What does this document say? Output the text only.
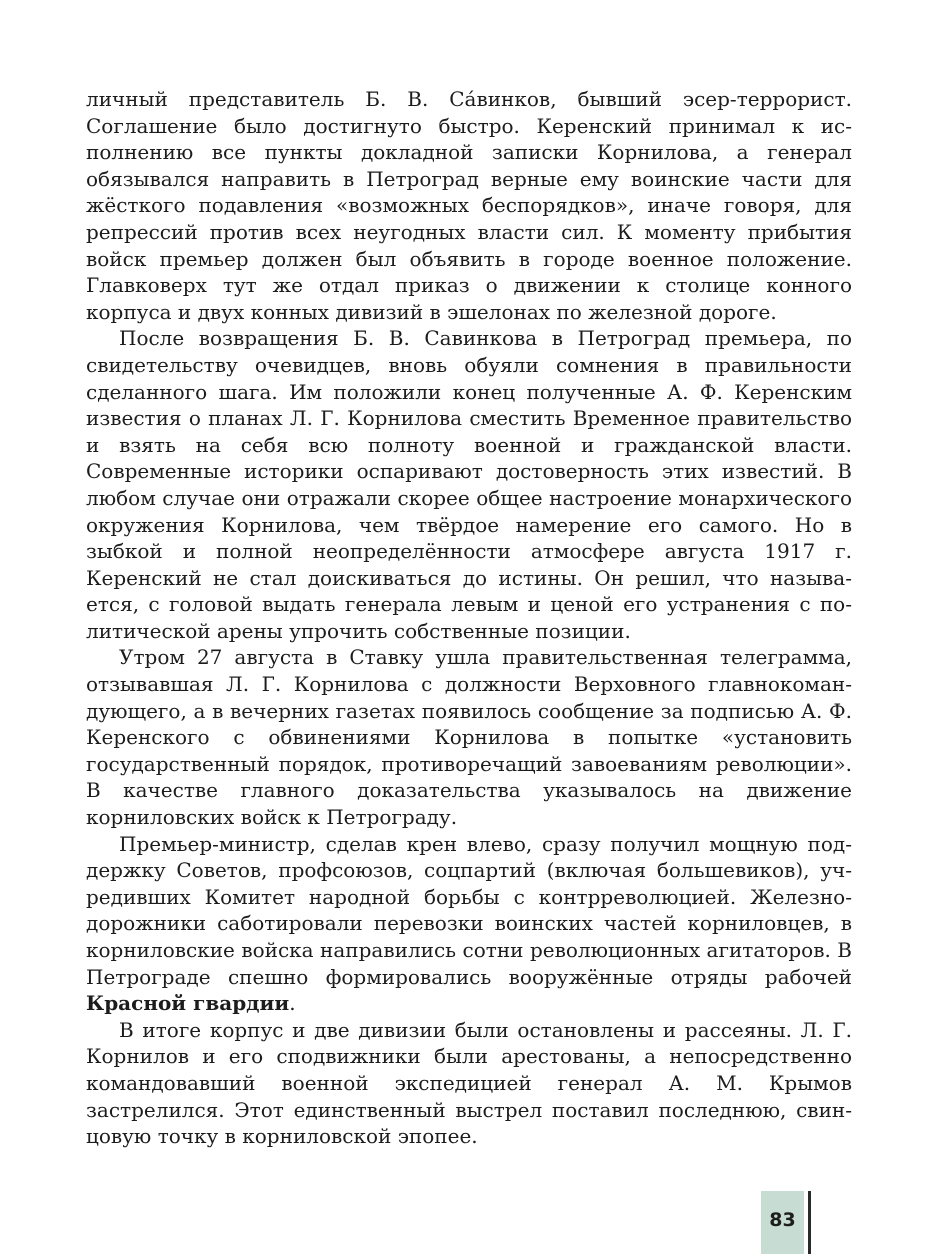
личный представитель Б. В. Са́винков, бывший эсер-террорист. Соглашение было достигнуто быстро. Керенский принимал к исполнению все пункты докладной записки Корнилова, а генерал обязывался направить в Петроград верные ему воинские части для жёсткого подавления «возможных беспорядков», иначе говоря, для репрессий против всех неугодных власти сил. К моменту прибытия войск премьер должен был объявить в городе военное положение. Главковерх тут же отдал приказ о движении к столице конного корпуса и двух конных дивизий в эшелонах по железной дороге.

После возвращения Б. В. Савинкова в Петроград премьера, по свидетельству очевидцев, вновь обуяли сомнения в правильности сделанного шага. Им положили конец полученные А. Ф. Керенским известия о планах Л. Г. Корнилова сместить Временное правительство и взять на себя всю полноту военной и гражданской власти. Современные историки оспаривают достоверность этих известий. В любом случае они отражали скорее общее настроение монархического окружения Корнилова, чем твёрдое намерение его самого. Но в зыбкой и полной неопределённости атмосфере августа 1917 г. Керенский не стал доискиваться до истины. Он решил, что называется, с головой выдать генерала левым и ценой его устранения с политической арены упрочить собственные позиции.

Утром 27 августа в Ставку ушла правительственная телеграмма, отзывавшая Л. Г. Корнилова с должности Верховного главнокомандующего, а в вечерних газетах появилось сообщение за подписью А. Ф. Керенского с обвинениями Корнилова в попытке «установить государственный порядок, противоречащий завоеваниям революции». В качестве главного доказательства указывалось на движение корниловских войск к Петрограду.

Премьер-министр, сделав крен влево, сразу получил мощную поддержку Советов, профсоюзов, соцпартий (включая большевиков), учредивших Комитет народной борьбы с контрреволюцией. Железнодорожники саботировали перевозки воинских частей корниловцев, в корниловские войска направились сотни революционных агитаторов. В Петрограде спешно формировались вооружённые отряды рабочей Красной гвардии.

В итоге корпус и две дивизии были остановлены и рассеяны. Л. Г. Корнилов и его сподвижники были арестованы, а непосредственно командовавший военной экспедицией генерал А. М. Крымов застрелился. Этот единственный выстрел поставил последнюю, свинцовую точку в корниловской эпопее.

83
